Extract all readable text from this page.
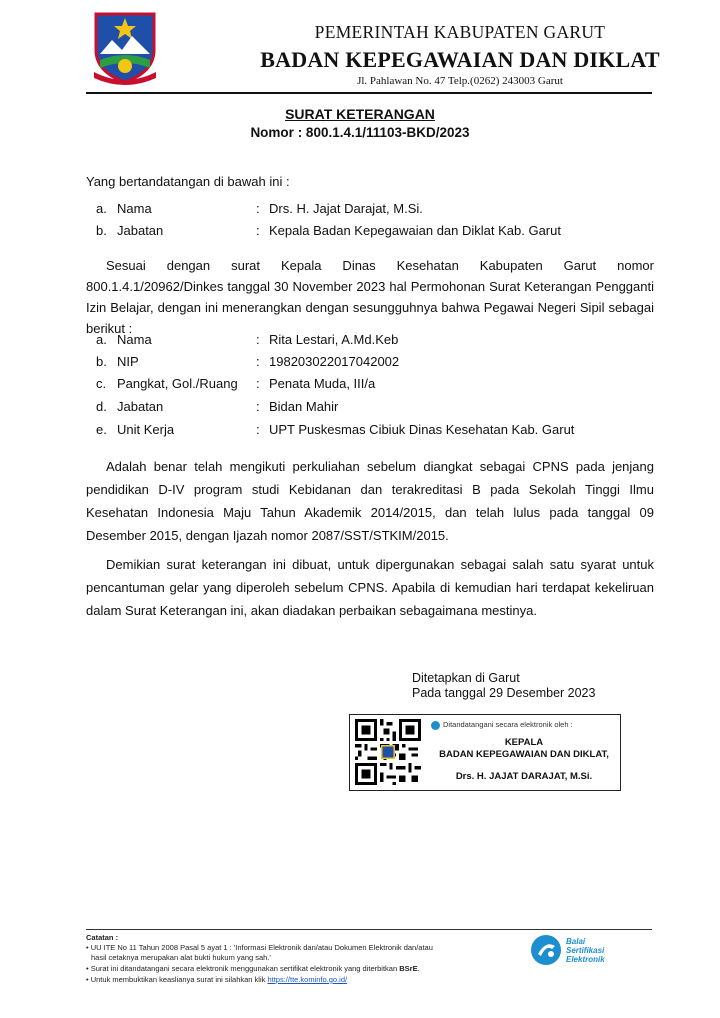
PEMERINTAH KABUPATEN GARUT
BADAN KEPEGAWAIAN DAN DIKLAT
Jl. Pahlawan No. 47 Telp.(0262) 243003 Garut
SURAT KETERANGAN
Nomor : 800.1.4.1/11103-BKD/2023
Yang bertandatangan di bawah ini :
a. Nama	: Drs. H. Jajat Darajat, M.Si.
b. Jabatan	: Kepala Badan Kepegawaian dan Diklat Kab. Garut
Sesuai dengan surat Kepala Dinas Kesehatan Kabupaten Garut nomor 800.1.4.1/20962/Dinkes tanggal 30 November 2023 hal Permohonan Surat Keterangan Pengganti Izin Belajar, dengan ini menerangkan dengan sesungguhnya bahwa Pegawai Negeri Sipil sebagai berikut :
a. Nama	: Rita Lestari, A.Md.Keb
b. NIP	: 198203022017042002
c. Pangkat, Gol./Ruang : Penata Muda, III/a
d. Jabatan	: Bidan Mahir
e. Unit Kerja	: UPT Puskesmas Cibiuk Dinas Kesehatan Kab. Garut
Adalah benar telah mengikuti perkuliahan sebelum diangkat sebagai CPNS pada jenjang pendidikan D-IV program studi Kebidanan dan terakreditasi B pada Sekolah Tinggi Ilmu Kesehatan Indonesia Maju Tahun Akademik 2014/2015, dan telah lulus pada tanggal 09 Desember 2015, dengan Ijazah nomor 2087/SST/STKIM/2015.
Demikian surat keterangan ini dibuat, untuk dipergunakan sebagai salah satu syarat untuk pencantuman gelar yang diperoleh sebelum CPNS. Apabila di kemudian hari terdapat kekeliruan dalam Surat Keterangan ini, akan diadakan perbaikan sebagaimana mestinya.
Ditetapkan di Garut
Pada tanggal 29 Desember 2023
Ditandatangani secara elektronik oleh :
KEPALA
BADAN KEPEGAWAIAN DAN DIKLAT,
Drs. H. JAJAT DARAJAT, M.Si.
Catatan :
• UU ITE No 11 Tahun 2008 Pasal 5 ayat 1 : 'Informasi Elektronik dan/atau Dokumen Elektronik dan/atau
hasil cetaknya merupakan alat bukti hukum yang sah.'
• Surat ini ditandatangani secara elektronik menggunakan sertifikat elektronik yang diterbitkan BSrE.
• Untuk membuktikan keaslianya surat ini silahkan klik https://tte.kominfo.go.id/
Balai
Sertifikasi
Elektronik
